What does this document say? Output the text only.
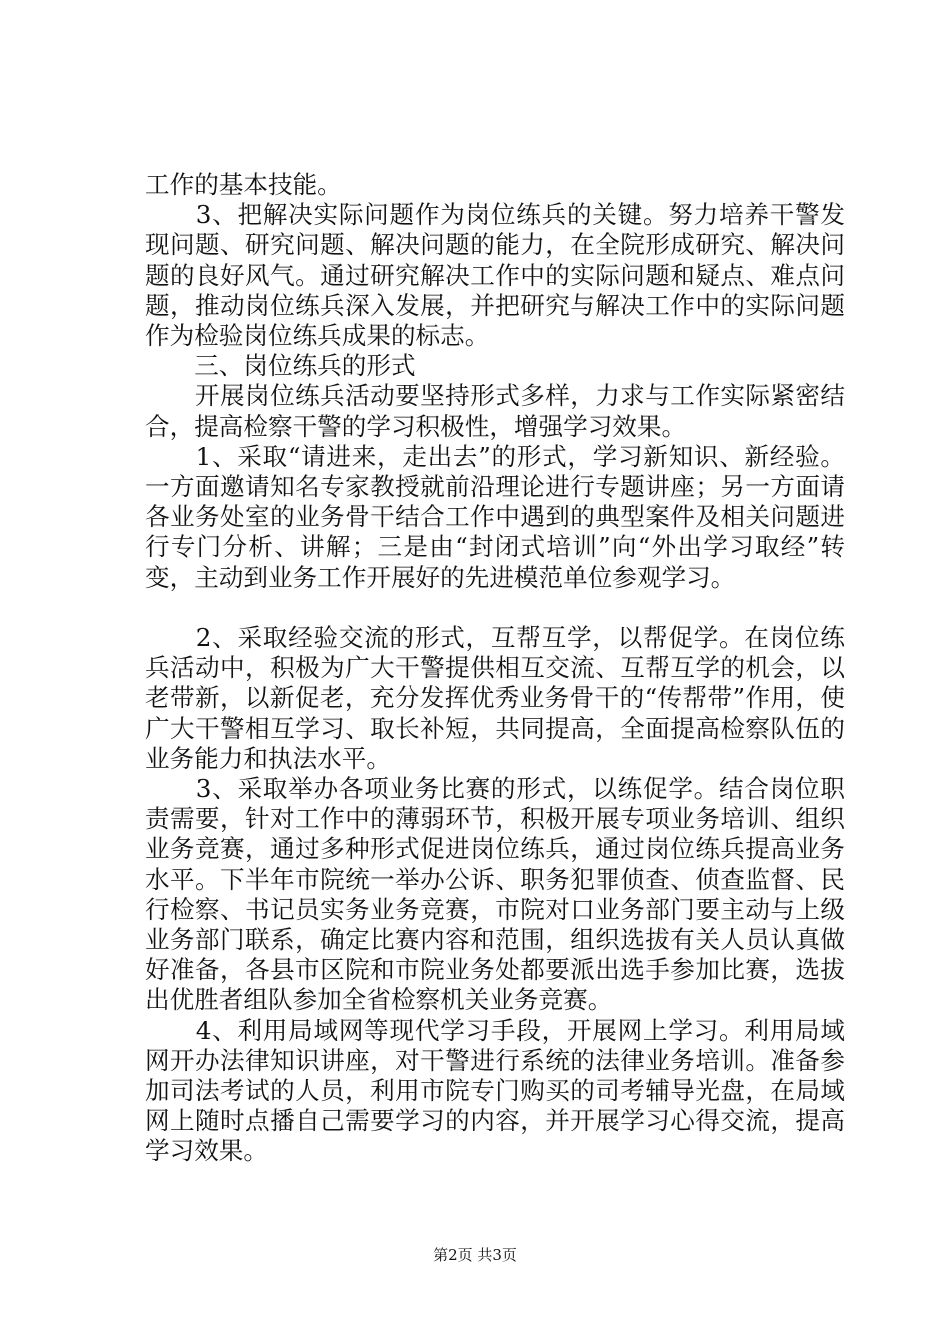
工作的基本技能。

　　3、把解决实际问题作为岗位练兵的关键。努力培养干警发现问题、研究问题、解决问题的能力，在全院形成研究、解决问题的良好风气。通过研究解决工作中的实际问题和疑点、难点问题，推动岗位练兵深入发展，并把研究与解决工作中的实际问题作为检验岗位练兵成果的标志。

　　三、岗位练兵的形式

　　开展岗位练兵活动要坚持形式多样，力求与工作实际紧密结合，提高检察干警的学习积极性，增强学习效果。

　　1、采取“请进来，走出去”的形式，学习新知识、新经验。一方面邀请知名专家教授就前沿理论进行专题讲座；另一方面请各业务处室的业务骨干结合工作中遇到的典型案件及相关问题进行专门分析、讲解；三是由“封闭式培训”向“外出学习取经”转变，主动到业务工作开展好的先进模范单位参观学习。

　　2、采取经验交流的形式，互帮互学，以帮促学。在岗位练兵活动中，积极为广大干警提供相互交流、互帮互学的机会，以老带新，以新促老，充分发挥优秀业务骨干的“传帮带”作用，使广大干警相互学习、取长补短，共同提高，全面提高检察队伍的业务能力和执法水平。

　　3、采取举办各项业务比赛的形式，以练促学。结合岗位职责需要，针对工作中的薄弱环节，积极开展专项业务培训、组织业务竞赛，通过多种形式促进岗位练兵，通过岗位练兵提高业务水平。下半年市院统一举办公诉、职务犯罪侦查、侦查监督、民行检察、书记员实务业务竞赛，市院对口业务部门要主动与上级业务部门联系，确定比赛内容和范围，组织选拔有关人员认真做好准备，各县市区院和市院业务处都要派出选手参加比赛，选拔出优胜者组队参加全省检察机关业务竞赛。

　　4、利用局域网等现代学习手段，开展网上学习。利用局域网开办法律知识讲座，对干警进行系统的法律业务培训。准备参加司法考试的人员，利用市院专门购买的司考辅导光盘，在局域网上随时点播自己需要学习的内容，并开展学习心得交流，提高学习效果。

第2页 共3页
